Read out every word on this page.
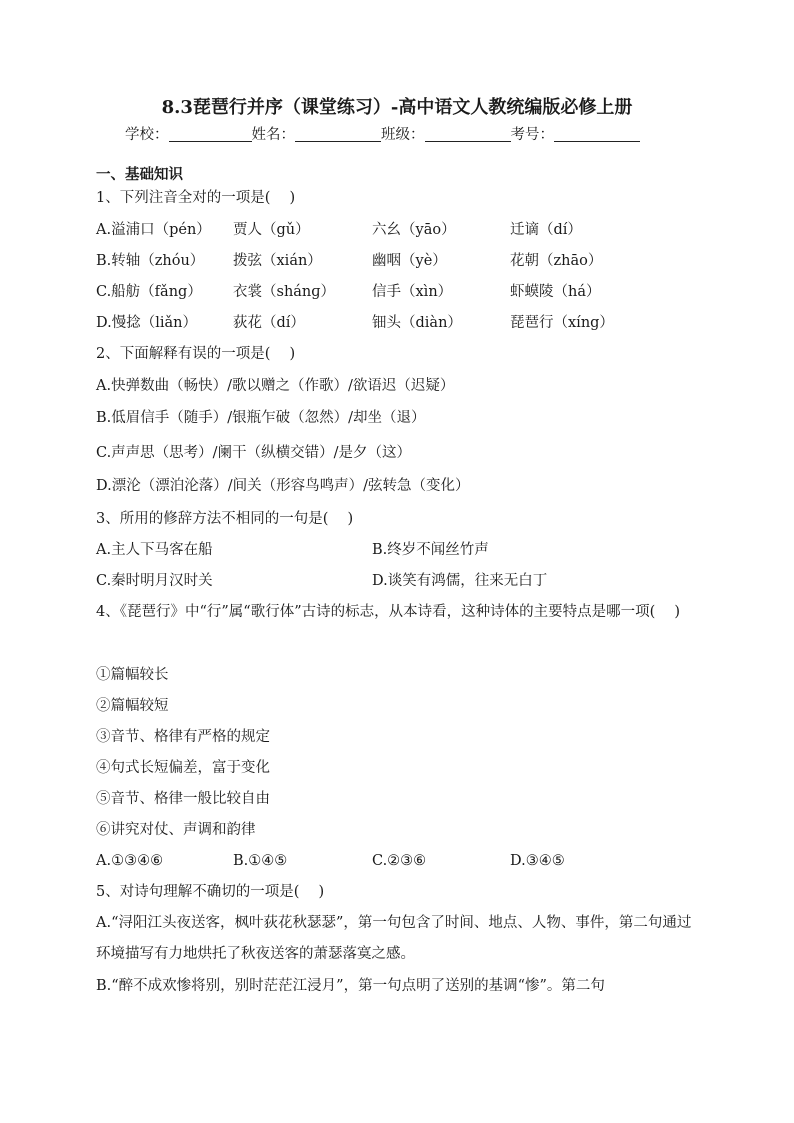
8.3琵琶行并序（课堂练习）-高中语文人教统编版必修上册
学校：	姓名：	班级：	考号：
一、基础知识
1、下列注音全对的一项是(　 )
A.溢浦口（pén） 贾人（gǔ）	六幺（yāo）	迁谪（dí）
B.转轴（zhóu） 拨弦（xián）	幽咽（yè）	花朝（zhāo）
C.船舫（fǎng） 衣裳（shánɡ）	信手（xìn）	虾蟆陵（há）
D.慢捻（liǎn） 荻花（dí）	钿头（diàn）	琵琶行（xíng）
2、下面解释有误的一项是(　 )
A.快弹数曲（畅快）/歌以赠之（作歌）/欲语迟（迟疑）
B.低眉信手（随手）/银瓶乍破（忽然）/却坐（退）
C.声声思（思考）/阑干（纵横交错）/是夕（这）
D.漂沦（漂泊沦落）/间关（形容鸟鸣声）/弦转急（变化）
3、所用的修辞方法不相同的一句是(　 )
A.主人下马客在船	B.终岁不闻丝竹声
C.秦时明月汉时关	D.谈笑有鸿儒，往来无白丁
4、《琵琶行》中“行”属“歌行体”古诗的标志，从本诗看，这种诗体的主要特点是哪一项(　 )
①篇幅较长
②篇幅较短
③音节、格律有严格的规定
④句式长短偏差，富于变化
⑤音节、格律一般比较自由
⑥讲究对仗、声调和韵律
A.①③④⑥	B.①④⑤	C.②③⑥	D.③④⑤
5、对诗句理解不确切的一项是(　 )
A.“浔阳江头夜送客，枫叶荻花秋瑟瑟”，第一句包含了时间、地点、人物、事件，第二句通过环境描写有力地烘托了秋夜送客的萧瑟落寞之感。
B.“醉不成欢惨将别，别时茫茫江浸月”，第一句点明了送别的基调“惨”。第二句
